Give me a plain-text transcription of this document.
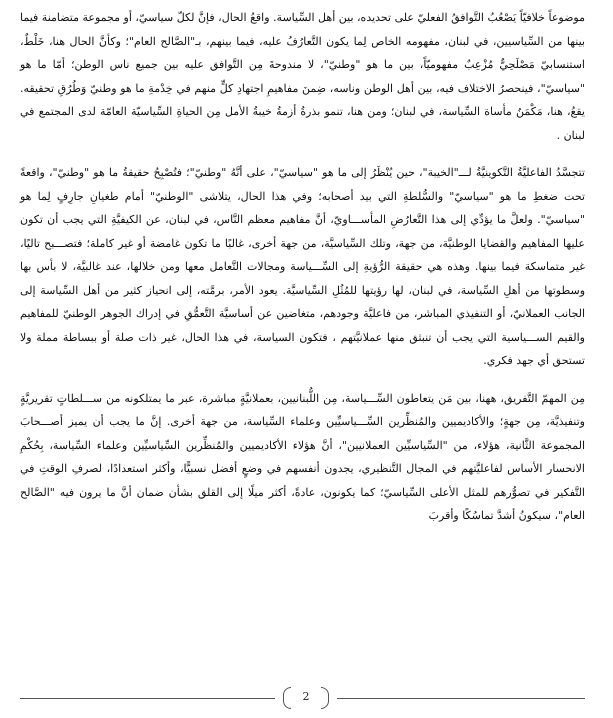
موضوعاً خلافيّاً يَصْعُبُ التَّوافقُ الفعليّ على تحديده، بين أهل السِّياسة. واقعُ الحال، فإنَّ لكلّ سياسيّ، أو مجموعة متضامنة فيما بينها من السِّياسيين، في لبنان، مفهومه الخاص لِما يكون التَّعارُفُ عليه، فيما بينهم، بـ"الصَّالح العام"؛ وكأنَّ الحال هنا، خَلْطٌ، استنسابيّ مَصْلَحِيٌّ مُزْعِبٌ مفهوميّاً، بين ما هو "وطنيّ"، لا مندوحةَ مِن التَّوافق عليه بين جميع ناس الوطن؛ أمّا ما هو "سياسيّ"، فينحصرُ الاختلاف فيه، بين أهل الوطن وناسه، ضِمنَ مفاهيمِ اجتهادِ كلٍّ منهم في خِدْمةِ ما هو وطنيّ وَطُرُقِ تحقيقه. يقعُ، هنا، مَكْمَنُ مأساة السِّياسة، في لبنان؛ ومن هنا، تنمو بذرةُ أزمةُ خيبةُ الأمل مِن الحياةِ السِّياسيّة العامّة لدى المجتمع في لبنان .

تتجسَّدُ الفاعليَّةُ التَّكوينيَّةُ لـــ"الخيبة"، حين يُنْظَرُ إلى ما هو "سياسيّ"، على أنَّهُ "وطنيّ"؛ فتُصْبِحُ حقيقةُ ما هو "وطنيّ"، واقعةً تحت ضغطِ ما هو "سياسيّ" والسُّلطةِ التي بيد أصحابه؛ وفي هذا الحال، يتلاشى "الوطنيّ" أمام طغيانِ جارِفٍ لِما هو "سياسيّ". ولعلَّ ما يؤدِّي إلى هذا التَّعارُضِ المأســـاويّ، أنَّ مفاهيم معظم النَّاس، في لبنان، عن الكيفيَّةِ التي يجب أن تكون عليها المفاهيم والقضايا الوطنيَّة، من جهة، وتلك السِّياسيَّة، من جهة أخرى، غالبًا ما تكون غامضة أو غير كاملة؛ فتصـــبح تاليًا، غير متماسكة فيما بينها. وهذه هي حقيقة الرُّؤيةِ إلى السِّـــياسة ومجالات التَّعامل معها ومن خلالها، عند غالبيَّة، لا بأس بها وسطوتها من أهلِ السِّياسة، في لبنان، لها رؤيتها للمُثُلِ السِّياسيَّة. يعود الأمر، برمَّته، إلى انحياز كثير من أهل السِّياسة إلى الجانب العملانيّ، أو التنفيذي المباشر، من فاعليَّة وجودهم، متغاضين عن أساسيَّة التَّعمُّقِ في إدراك الجوهر الوطنيّ للمفاهيم والقيم الســـياسية التي يجب أن تنبثق منها عملانيَّتهم ، فتكون السياسة، في هذا الحال، غير ذات صلة أو ببساطة مملة ولا تستحق أي جهد فكري.

مِن المهمّ التَّفريق، ههنا، بين مَن يتعاطون السِّـــياسة، مِن اللُّبنانيين، بعملانيَّةٍ مباشرة، عبر ما يمتلكونه من ســـلطاتٍ تقريريَّةٍ وتنفيذيَّة، مِن جهةٍ؛ والأكاديميين والمُنظِّرين السِّـــياسيِّين وعلماء السِّياسة، من جهة أخرى. إنَّ ما يجب أن يميز أصـــحابَ المجموعة الثَّانية، هؤلاء، من "السِّياسيِّين العملانيين"، أنَّ هؤلاء الأكاديميين والمُنظِّرين السِّياسيِّين وعلماء السِّياسة، بِحُكْمِ الانحسار الأساس لفاعليَّتهم في المجال التَّنظيري، يجدون أنفسهم في وضعٍ أفضل نسبيًّا، وأكثر استعدادًا، لصرفِ الوقتِ في التَّفكير في تصوُّرهم للمثل الأعلى السِّياسيّ؛ كما يكونون، عادةً، أكثر ميلًا إلى القلق بشأن ضمان أنَّ ما يرون فيه "الصَّالح العام"، سيكونُ أشدَّ تماسُكًا وأقربَ

2
